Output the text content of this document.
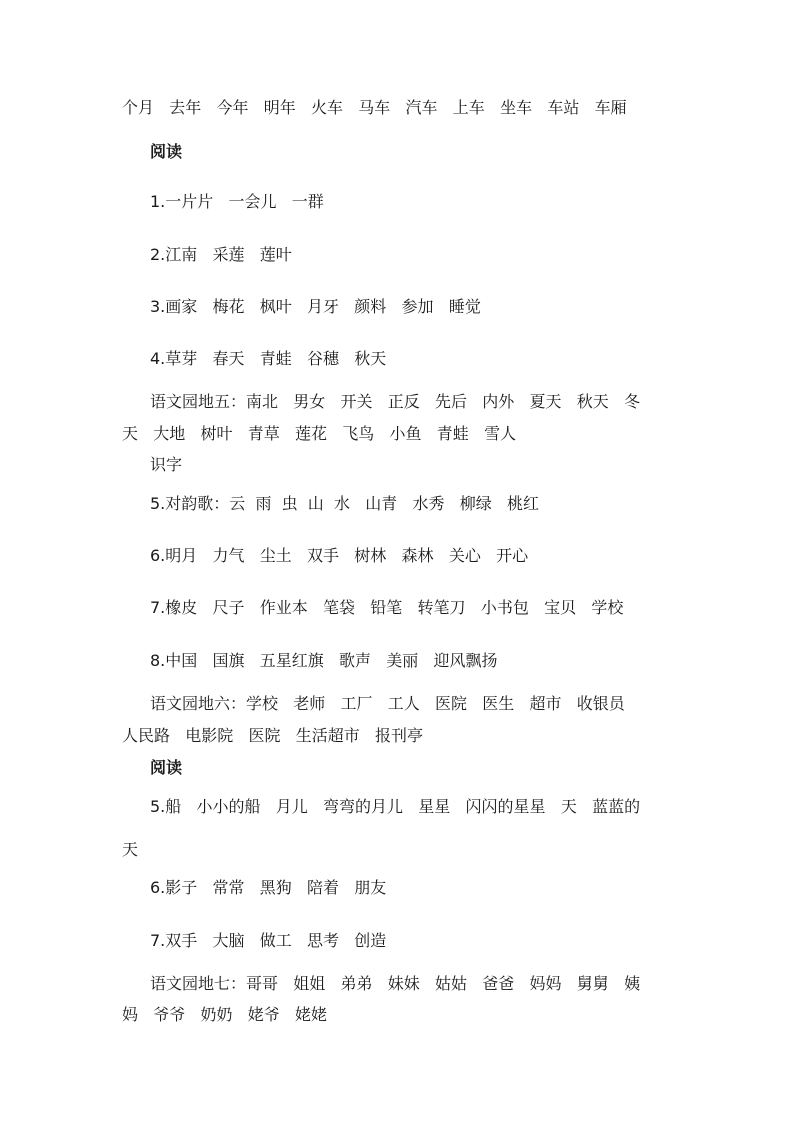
个月   去年   今年   明年   火车   马车   汽车   上车   坐车   车站   车厢
阅读
1.一片片   一会儿   一群
2.江南   采莲   莲叶
3.画家   梅花   枫叶   月牙   颜料   参加   睡觉
4.草芽   春天   青蛙   谷穗   秋天
语文园地五：南北   男女   开关   正反   先后   内外   夏天   秋天   冬
天   大地   树叶   青草   莲花   飞鸟   小鱼   青蛙   雪人
识字
5.对韵歌：云  雨  虫  山  水   山青   水秀   柳绿   桃红
6.明月   力气   尘土   双手   树林   森林   关心   开心
7.橡皮   尺子   作业本   笔袋   铅笔   转笔刀   小书包   宝贝   学校
8.中国   国旗   五星红旗   歌声   美丽   迎风飘扬
语文园地六：学校   老师   工厂   工人   医院   医生   超市   收银员
人民路   电影院   医院   生活超市   报刊亭
阅读
5.船   小小的船   月儿   弯弯的月儿   星星   闪闪的星星   天   蓝蓝的
天
6.影子   常常   黑狗   陪着   朋友
7.双手   大脑   做工   思考   创造
语文园地七：哥哥   姐姐   弟弟   妹妹   姑姑   爸爸   妈妈   舅舅   姨
妈   爷爷   奶奶   姥爷   姥姥
